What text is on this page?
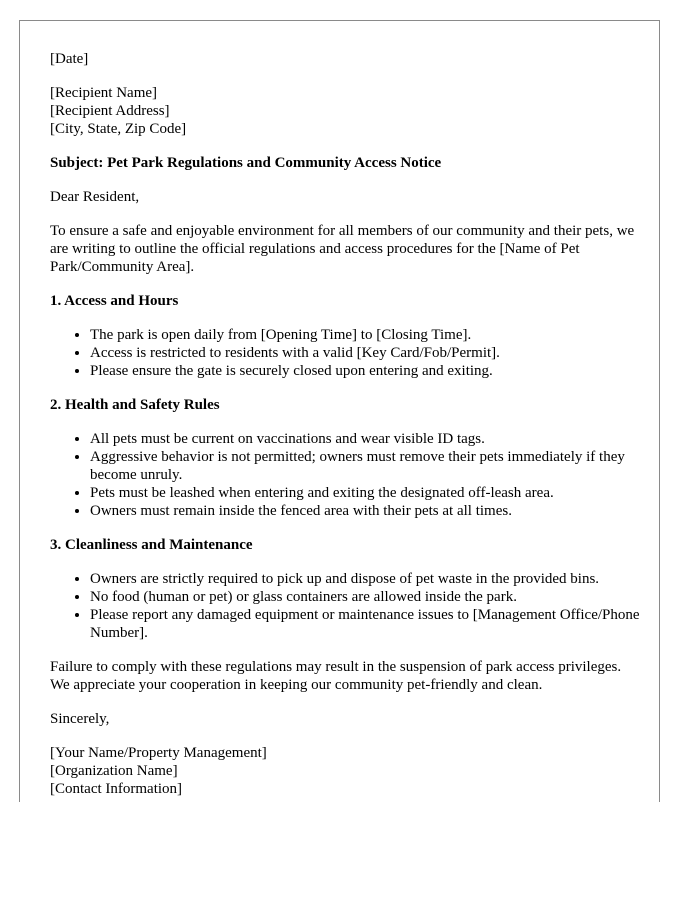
[Date]

[Recipient Name]

[Recipient Address]

[City, State, Zip Code]

Subject: Pet Park Regulations and Community Access Notice

Dear Resident,

To ensure a safe and enjoyable environment for all members of our community and their pets, we are writing to outline the official regulations and access procedures for the [Name of Pet Park/Community Area].

1. Access and Hours
• The park is open daily from [Opening Time] to [Closing Time].
• Access is restricted to residents with a valid [Key Card/Fob/Permit].
• Please ensure the gate is securely closed upon entering and exiting.
2. Health and Safety Rules
• All pets must be current on vaccinations and wear visible ID tags.
• Aggressive behavior is not permitted; owners must remove their pets immediately if they become unruly.
• Pets must be leashed when entering and exiting the designated off-leash area.
• Owners must remain inside the fenced area with their pets at all times.
3. Cleanliness and Maintenance
• Owners are strictly required to pick up and dispose of pet waste in the provided bins.
• No food (human or pet) or glass containers are allowed inside the park.
• Please report any damaged equipment or maintenance issues to [Management Office/Phone Number].

Failure to comply with these regulations may result in the suspension of park access privileges. We appreciate your cooperation in keeping our community pet-friendly and clean.

Sincerely,

[Your Name/Property Management]

[Organization Name]

[Contact Information]
